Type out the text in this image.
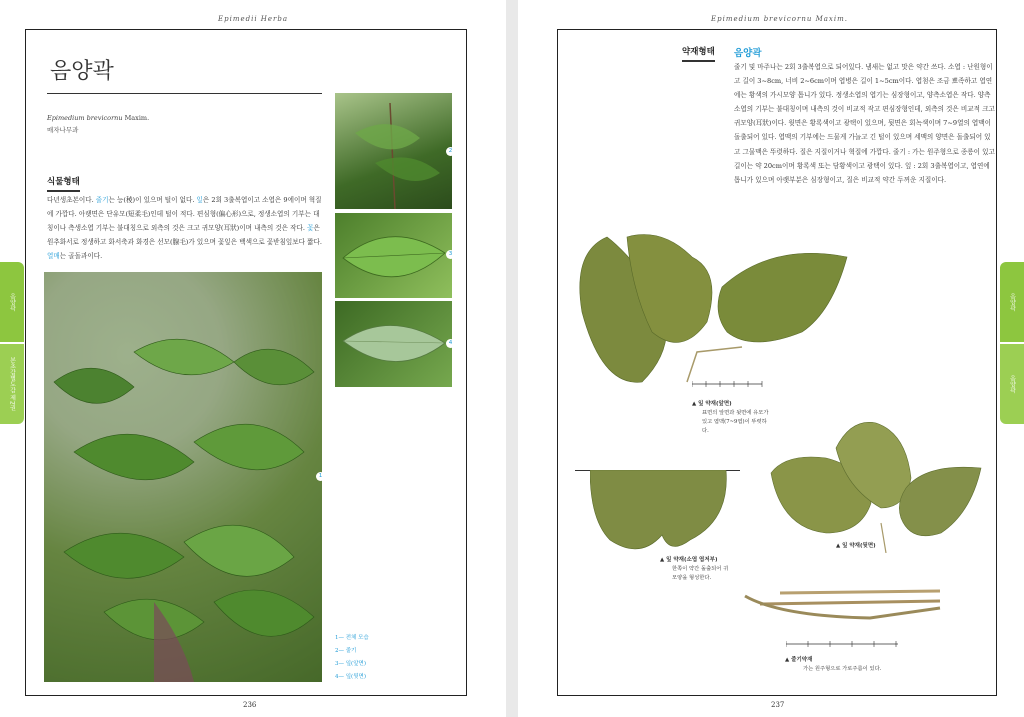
Epimedii Herba
음양곽
Epimedium brevicornu Maxim.
매자나무과
식물형태
다년생초본이다. 줄기는 능(稜)이 있으며 털이 없다. 잎은 2회 3출복엽이고 소엽은 9에이며 혁질에 가깝다. 아랫면은 단유모(短柔毛)인데 털이 적다. 편심형(偏心形)으로, 정생소엽의 기부는 대칭이나 측생소엽 기부는 불대칭으로 외측의 것은 크고 귀모양(耳狀)이며 내측의 것은 작다. 꽃은 원추화서로 정생하고 화서축과 화경은 선모(腺毛)가 있으며 꽃잎은 백색으로 꽃받침잎보다 짧다. 열매는 골돌과이다.
1
2
3
4
1— 전체 모습
2— 줄기
3— 잎(앞면)
4— 잎(뒷면)
236
음양곽
본초감별도감 제2권
Epimedium brevicornu Maxim.
237
약재형태 음양곽
줄기 및 마주나는 2회 3출복엽으로 되어있다. 냄새는 없고 맛은 약간 쓰다. 소엽 : 난원형이고 길이 3~8cm, 너비 2~6cm이며 엽병은 길이 1~5cm이다. 엽첨은 조금 뾰족하고 엽연에는 황색의 가시모양 톱니가 있다. 정생소엽의 엽기는 심장형이고, 양측소엽은 작다. 양측소엽의 기부는 불대칭이며 내측의 것이 비교적 작고 편심장형인데, 외측의 것은 비교적 크고 귀모양(耳狀)이다. 윗면은 황록색이고 광택이 있으며, 뒷면은 회녹색이며 7~9열의 엽맥이 돌출되어 있다. 엽맥의 기부에는 드물게 가늘고 긴 털이 있으며 세맥의 양면은 돌출되어 있고 그물맥은 뚜렷하다. 질은 지질이거나 혁질에 가깝다. 줄기 : 가는 원주형으로 종릉이 있고 길이는 약 20cm이며 황록색 또는 담황색이고 광택이 있다. 잎 : 2회 3출복엽이고, 엽연에 톱니가 있으며 아랫부분은 심장형이고, 질은 비교적 약간 두꺼운 지질이다.
▲ 잎 약재(앞면)
표면의 앞면과 뒷면에 유모가 있고 엽맥(7~9엽)이 뚜렷하다.
▲ 잎 약재(소엽 엽저부)
한쪽이 약간 돌출되어 귀모양을 형성한다.
▲ 잎 약재(뒷면)
▲ 줄기약재
가는 원주형으로 가로주름이 있다.
음양곽
음양곽
